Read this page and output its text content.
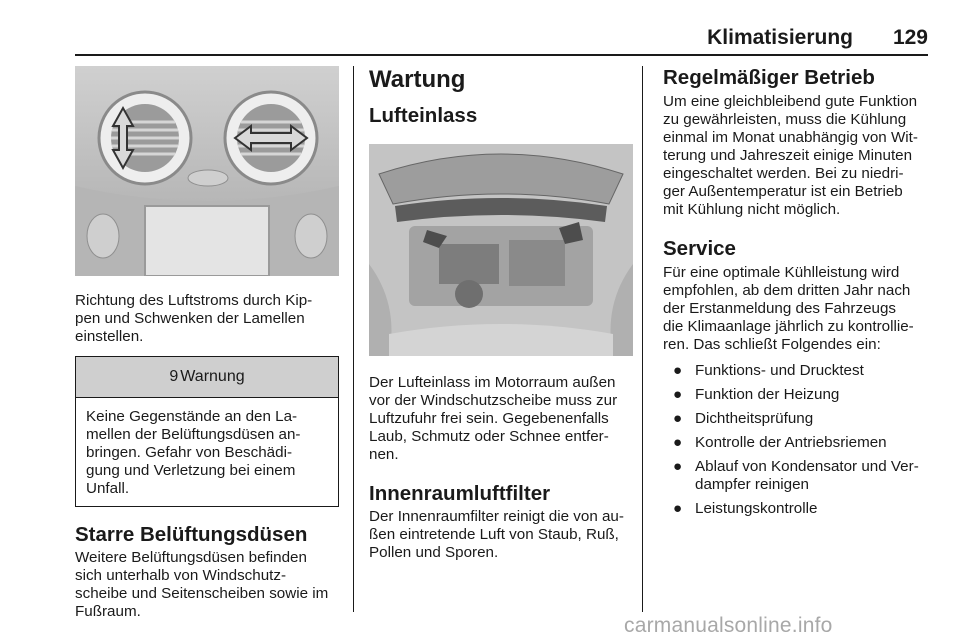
Klimatisierung 129

Richtung des Luftstroms durch Kip-
pen und Schwenken der Lamellen
einstellen.

9 Warnung

Keine Gegenstände an den La-
mellen der Belüftungsdüsen an-
bringen. Gefahr von Beschädi-
gung und Verletzung bei einem
Unfall.

Starre Belüftungsdüsen

Weitere Belüftungsdüsen befinden
sich unterhalb von Windschutz-
scheibe und Seitenscheiben sowie im
Fußraum.

Wartung
Lufteinlass

Der Lufteinlass im Motorraum außen
vor der Windschutzscheibe muss zur
Luftzufuhr frei sein. Gegebenenfalls
Laub, Schmutz oder Schnee entfer-
nen.

Innenraumluftfilter

Der Innenraumfilter reinigt die von au-
ßen eintretende Luft von Staub, Ruß,
Pollen und Sporen.

Regelmäßiger Betrieb

Um eine gleichbleibend gute Funktion
zu gewährleisten, muss die Kühlung
einmal im Monat unabhängig von Wit-
terung und Jahreszeit einige Minuten
eingeschaltet werden. Bei zu niedri-
ger Außentemperatur ist ein Betrieb
mit Kühlung nicht möglich.

Service

Für eine optimale Kühlleistung wird
empfohlen, ab dem dritten Jahr nach
der Erstanmeldung des Fahrzeugs
die Klimaanlage jährlich zu kontrollie-
ren. Das schließt Folgendes ein:

● Funktions- und Drucktest
● Funktion der Heizung
● Dichtheitsprüfung
● Kontrolle der Antriebsriemen
● Ablauf von Kondensator und Ver-
dampfer reinigen
● Leistungskontrolle
carmanualsonline.info
